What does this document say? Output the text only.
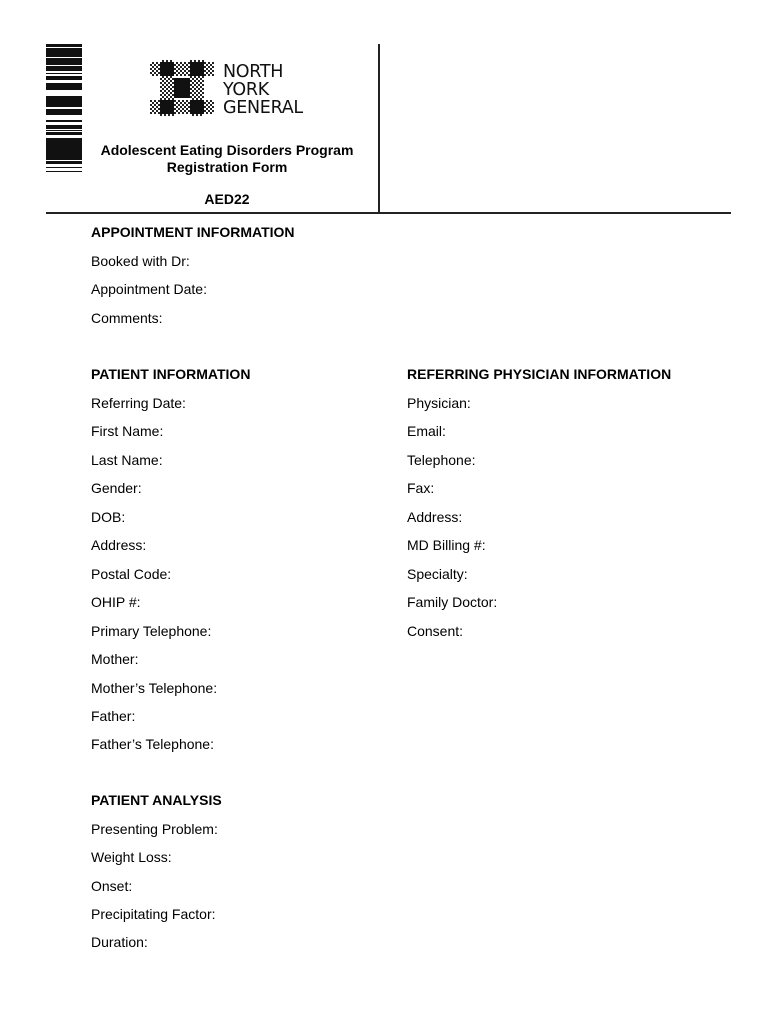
NORTH
YORK
GENERAL
Adolescent Eating Disorders Program
Registration Form
AED22
APPOINTMENT INFORMATION
Booked with Dr:
Appointment Date:
Comments:
PATIENT INFORMATION
Referring Date:
First Name:
Last Name:
Gender:
DOB:
Address:
Postal Code:
OHIP #:
Primary Telephone:
Mother:
Mother’s Telephone:
Father:
Father’s Telephone:
REFERRING PHYSICIAN INFORMATION
Physician:
Email:
Telephone:
Fax:
Address:
MD Billing #:
Specialty:
Family Doctor:
Consent:
PATIENT ANALYSIS
Presenting Problem:
Weight Loss:
Onset:
Precipitating Factor:
Duration:
